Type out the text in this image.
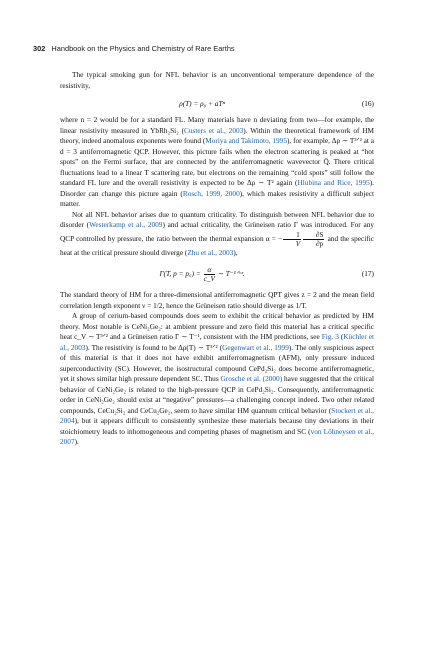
302 Handbook on the Physics and Chemistry of Rare Earths

The typical smoking gun for NFL behavior is an unconventional temperature dependence of the resistivity,

ρ(T) = ρ₀ + aTⁿ	(16)

where n = 2 would be for a standard FL. Many materials have n deviating from two—for example, the linear resistivity measured in YbRh₂Si₂ (Custers et al., 2003). Within the theoretical framework of HM theory, indeed anomalous exponents were found (Moriya and Takimoto, 1995), for example, Δρ ∼ T³ᐟ² at a d = 3 antiferromagnetic QCP. However, this picture fails when the electron scattering is peaked at “hot spots” on the Fermi surface, that are connected by the antiferromagnetic wavevector Q̄. There critical fluctuations lead to a linear T scattering rate, but electrons on the remaining “cold spots” still follow the standard FL lure and the overall resistivity is expected to be Δρ ∼ T² again (Hlubina and Rice, 1995). Disorder can change this picture again (Rosch, 1999, 2000), which makes resistivity a difficult subject matter.

Not all NFL behavior arises due to quantum criticality. To distinguish between NFL behavior due to disorder (Westerkamp et al., 2009) and actual criticality, the Grüneisen ratio Γ was introduced. For any QCP controlled by pressure, the ratio between the thermal expansion α = − $\frac{1}{V} \frac{\partial S}{\partial p}$ and the specific heat at the critical pressure should diverge (Zhu et al., 2003),

Γ(T, p = p꜀) = $\frac{\alpha}{c\_V}$ ∼ T⁻¹ᐟᵛᶻ.	(17)

The standard theory of HM for a three-dimensional antiferromagnetic QPT gives z = 2 and the mean field correlation length exponent ν = 1/2, hence the Grüneisen ratio should diverge as 1/T.

A group of cerium-based compounds does seem to exhibit the critical behavior as predicted by HM theory. Most notable is CeNi₂Ge₂: at ambient pressure and zero field this material has a critical specific heat c_V ∼ T³ᐟ² and a Grüneisen ratio Γ ∼ T⁻¹, consistent with the HM predictions, see Fig. 3 (Küchler et al., 2003). The resistivity is found to be Δρ(T) ∼ T³ᐟ² (Gegenwart et al., 1999). The only suspicious aspect of this material is that it does not have exhibit antiferromagnetism (AFM), only pressure induced superconductivity (SC). However, the isostructural compound CePd₂Si₂ does become antiferromagnetic, yet it shows similar high pressure dependent SC. Thus Grosche et al. (2000) have suggested that the critical behavior of CeNi₂Ge₂ is related to the high-pressure QCP in CePd₂Si₂. Consequently, antiferromagnetic order in CeNi₂Ge₂ should exist at “negative” pressures—a challenging concept indeed. Two other related compounds, CeCu₂Si₂ and CeCu₂Ge₂, seem to have similar HM quantum critical behavior (Stockert et al., 2004), but it appears difficult to consistently synthesize these materials because tiny deviations in their stoichiometry leads to inhomogeneous and competing phases of magnetism and SC (von Löhneysen et al., 2007).
